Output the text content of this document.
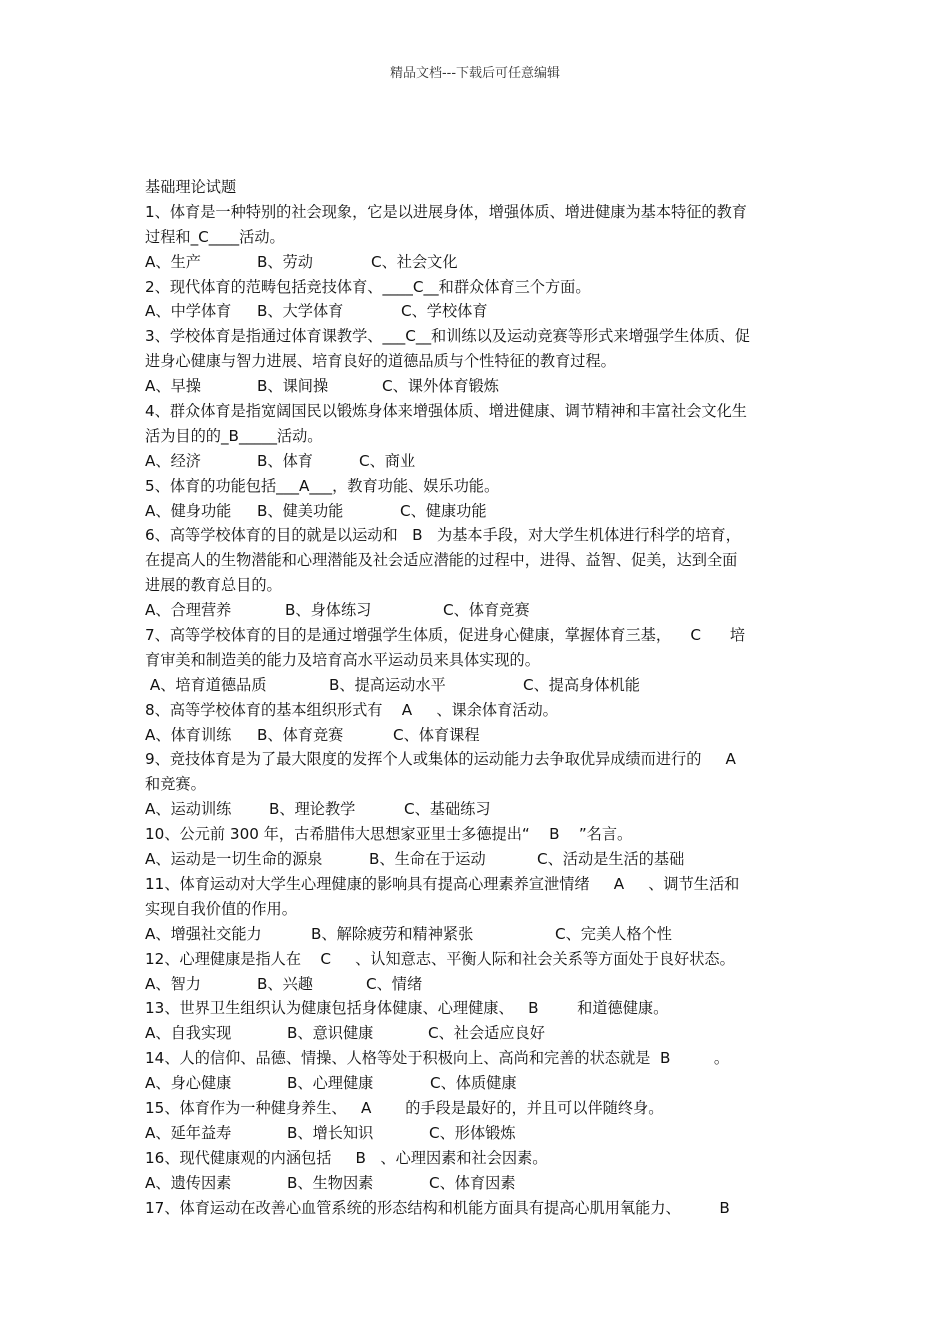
精品文档---下载后可任意编辑
基础理论试题
1、体育是一种特别的社会现象，它是以进展身体，增强体质、增进健康为基本特征的教育
过程和_C____活动。
A、生产	B、劳动	C、社会文化
2、现代体育的范畴包括竞技体育、____C__和群众体育三个方面。
A、中学体育 B、大学体育	C、学校体育
3、学校体育是指通过体育课教学、___C__和训练以及运动竞赛等形式来增强学生体质、促
进身心健康与智力进展、培育良好的道德品质与个性特征的教育过程。
A、早操	B、课间操	C、课外体育锻炼
4、群众体育是指宽阔国民以锻炼身体来增强体质、增进健康、调节精神和丰富社会文化生
活为目的的_B_____活动。
A、经济	B、体育	C、商业
5、体育的功能包括___A___，教育功能、娱乐功能。
A、健身功能 B、健美功能	C、健康功能
6、高等学校体育的目的就是以运动和   B   为基本手段，对大学生机体进行科学的培育，
在提高人的生物潜能和心理潜能及社会适应潜能的过程中，进得、益智、促美，达到全面
进展的教育总目的。
A、合理营养	B、身体练习	C、体育竞赛
7、高等学校体育的目的是通过增强学生体质，促进身心健康，掌握体育三基，    C      培
育审美和制造美的能力及培育高水平运动员来具体实现的。
A、培育道德品质	B、提高运动水平	C、提高身体机能
8、高等学校体育的基本组织形式有    A     、课余体育活动。
A、体育训练 B、体育竞赛	C、体育课程
9、竞技体育是为了最大限度的发挥个人或集体的运动能力去争取优异成绩而进行的     A
和竞赛。
A、运动训练 B、理论教学	C、基础练习
10、公元前 300 年，古希腊伟大思想家亚里士多德提出“    B    ”名言。
A、运动是一切生命的源泉	B、生命在于运动	C、活动是生活的基础
11、体育运动对大学生心理健康的影响具有提高心理素养宣泄情绪     A     、调节生活和
实现自我价值的作用。
A、增强社交能力	B、解除疲劳和精神紧张	C、完美人格个性
12、心理健康是指人在    C     、认知意志、平衡人际和社会关系等方面处于良好状态。
A、智力	B、兴趣	C、情绪
13、世界卫生组织认为健康包括身体健康、心理健康、   B        和道德健康。
A、自我实现	B、意识健康	C、社会适应良好
14、人的信仰、品德、情操、人格等处于积极向上、高尚和完善的状态就是  B         。
A、身心健康	B、心理健康	C、体质健康
15、体育作为一种健身养生、   A       的手段是最好的，并且可以伴随终身。
A、延年益寿	B、增长知识	C、形体锻炼
16、现代健康观的内涵包括     B   、心理因素和社会因素。
A、遗传因素	B、生物因素	C、体育因素
17、体育运动在改善心血管系统的形态结构和机能方面具有提高心肌用氧能力、        B
